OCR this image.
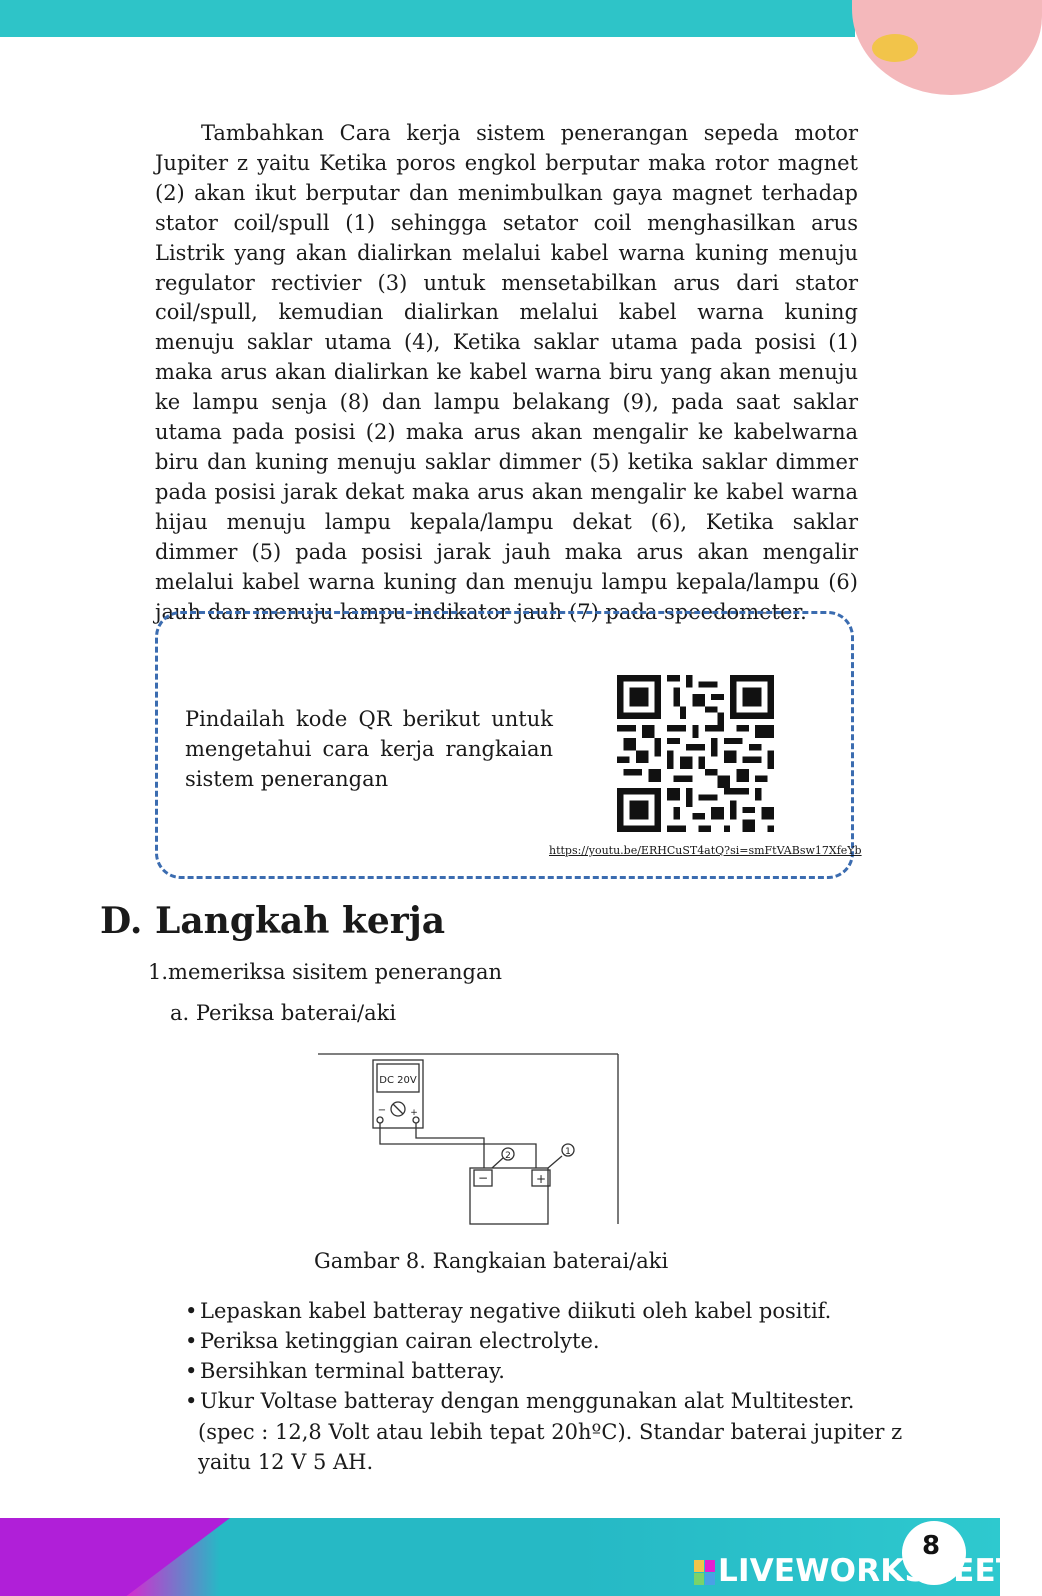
Tambahkan Cara kerja sistem penerangan sepeda motor Jupiter z yaitu Ketika poros engkol berputar maka rotor magnet (2) akan ikut berputar dan menimbulkan gaya magnet terhadap stator coil/spull (1) sehingga setator coil menghasilkan arus Listrik yang akan dialirkan melalui kabel warna kuning menuju regulator rectivier (3) untuk mensetabilkan arus dari stator coil/spull, kemudian dialirkan melalui kabel warna kuning menuju saklar utama (4), Ketika saklar utama pada posisi (1) maka arus akan dialirkan ke kabel warna biru yang akan menuju ke lampu senja (8) dan lampu belakang (9), pada saat saklar utama pada posisi (2) maka arus akan mengalir ke kabelwarna biru dan kuning menuju saklar dimmer (5) ketika saklar dimmer pada posisi jarak dekat maka arus akan mengalir ke kabel warna hijau menuju lampu kepala/lampu dekat (6), Ketika saklar dimmer (5) pada posisi jarak jauh maka arus akan mengalir melalui kabel warna kuning dan menuju lampu kepala/lampu (6) jauh dan menuju lampu indikator jauh (7) pada speedometer.

Pindailah kode QR berikut untuk mengetahui cara kerja rangkaian sistem penerangan

https://youtu.be/ERHCuST4atQ?si=smFtVABsw17XfeYb
D. Langkah kerja

1.memeriksa sisitem penerangan

a. Periksa baterai/aki

DC 20V
−	+
−	+
2	1

Gambar 8. Rangkaian baterai/aki

• Lepaskan kabel batteray negative diikuti oleh kabel positif.
• Periksa ketinggian cairan electrolyte.
• Bersihkan terminal batteray.
• Ukur Voltase batteray dengan menggunakan alat Multitester.

(spec : 12,8 Volt atau lebih tepat 20hºC). Standar baterai jupiter z yaitu 12 V 5 AH.

8
LIVEWORKSHEETS
